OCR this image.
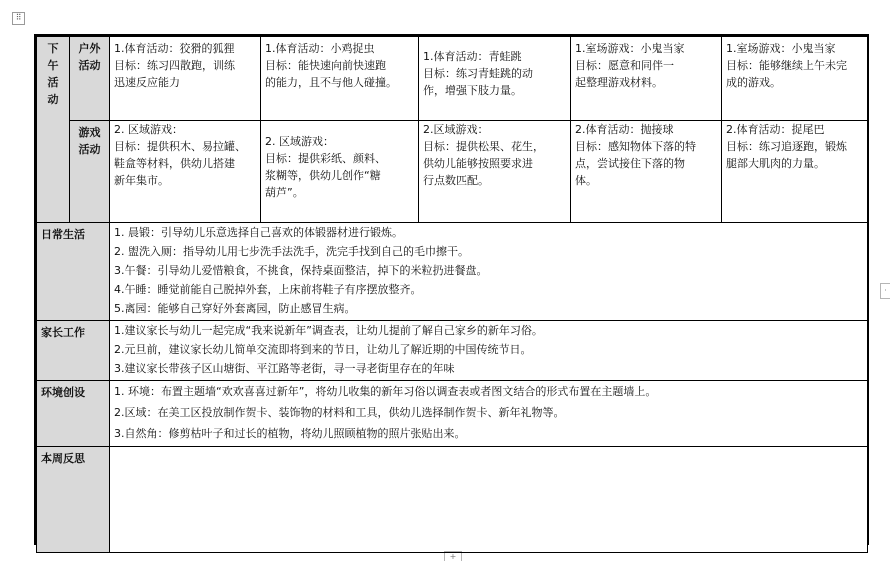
⠿
·
+
下午活动	户外活动	1.体育活动：狡猾的狐狸
目标：练习四散跑，训练
迅速反应能力	1.体育活动：小鸡捉虫
目标：能快速向前快速跑
的能力，且不与他人碰撞。	1.体育活动：青蛙跳
目标：练习青蛙跳的动
作，增强下肢力量。	1.室场游戏：小鬼当家
目标：愿意和同伴一
起整理游戏材料。	1.室场游戏：小鬼当家
目标：能够继续上午未完
成的游戏。

	游戏活动	2. 区域游戏：
目标：提供积木、易拉罐、
鞋盒等材料，供幼儿搭建
新年集市。	2. 区域游戏：
目标：提供彩纸、颜料、
浆糊等，供幼儿创作“糖
葫芦”。	2.区域游戏：
目标：提供松果、花生，
供幼儿能够按照要求进
行点数匹配。	2.体育活动：抛接球
目标：感知物体下落的特
点，尝试接住下落的物
体。	2.体育活动：捉尾巴
目标：练习追逐跑，锻炼
腿部大肌肉的力量。

日常生活		1. 晨锻：引导幼儿乐意选择自己喜欢的体锻器材进行锻炼。
2. 盥洗入厕：指导幼儿用七步洗手法洗手，洗完手找到自己的毛巾擦干。
3.午餐：引导幼儿爱惜粮食，不挑食，保持桌面整洁，掉下的米粒扔进餐盘。
4.午睡：睡觉前能自己脱掉外套，上床前将鞋子有序摆放整齐。
5.离园：能够自己穿好外套离园，防止感冒生病。				

家长工作		1.建议家长与幼儿一起完成“我来说新年”调查表，让幼儿提前了解自己家乡的新年习俗。
2.元旦前，建议家长幼儿简单交流即将到来的节日，让幼儿了解近期的中国传统节日。
3.建议家长带孩子区山塘街、平江路等老街，寻一寻老街里存在的年味				

环境创设		1. 环境：布置主题墙“欢欢喜喜过新年”，将幼儿收集的新年习俗以调查表或者图文结合的形式布置在主题墙上。
2.区域：在美工区投放制作贺卡、装饰物的材料和工具，供幼儿选择制作贺卡、新年礼物等。
3.自然角：修剪枯叶子和过长的植物，将幼儿照顾植物的照片张贴出来。				

本周反思						
